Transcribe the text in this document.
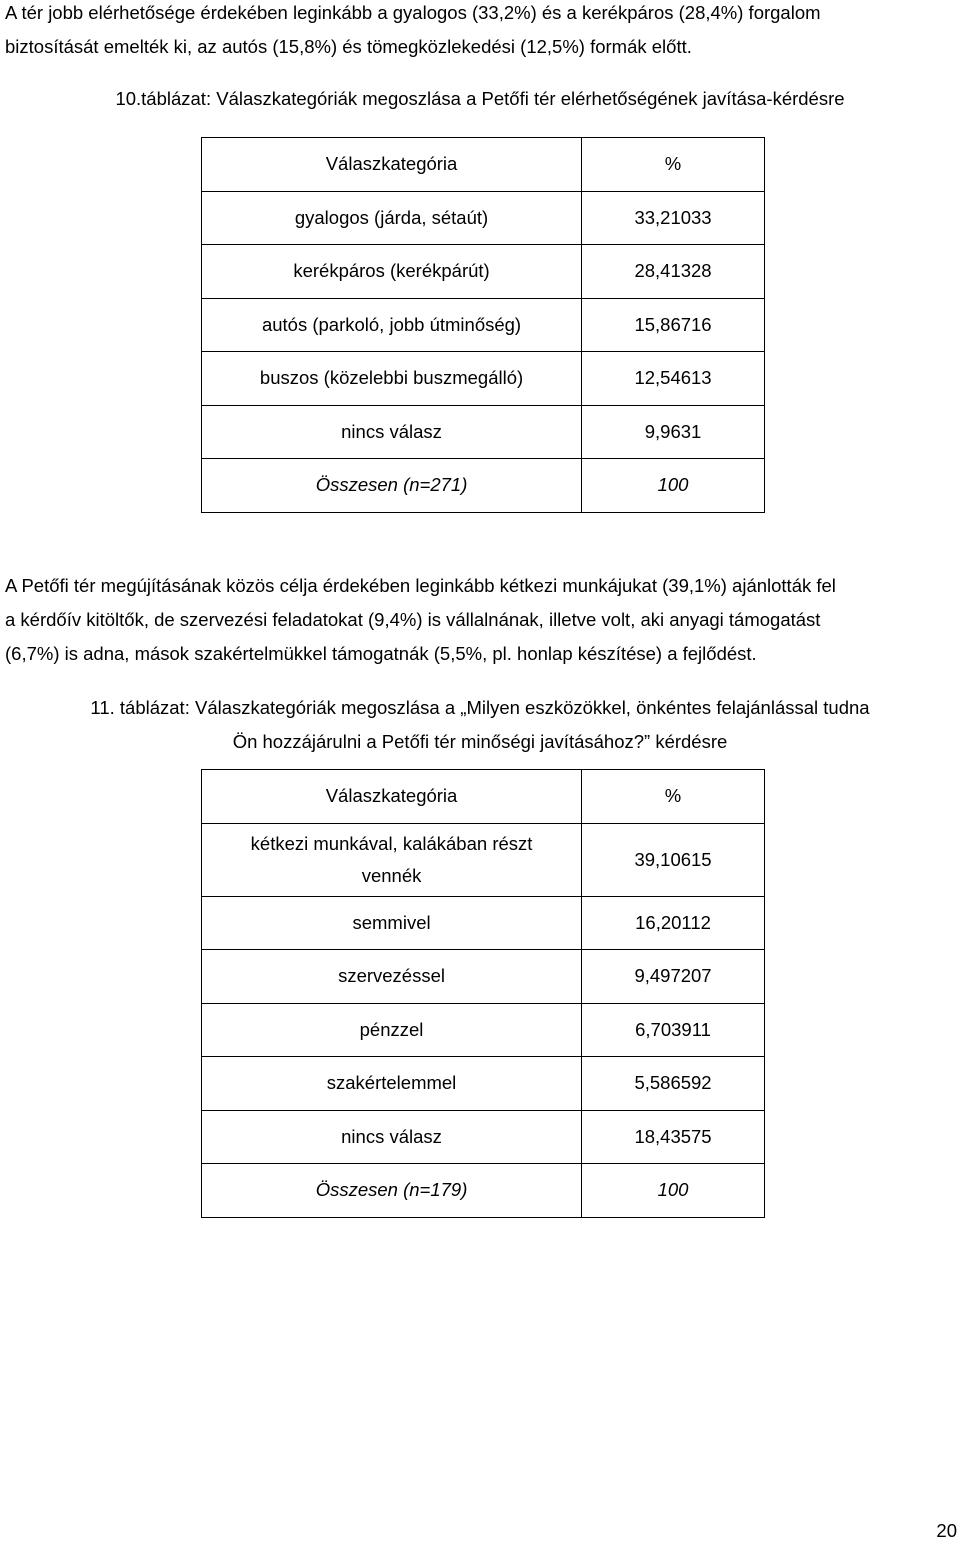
A tér jobb elérhetősége érdekében leginkább a gyalogos (33,2%) és a kerékpáros (28,4%) forgalom
biztosítását emelték ki, az autós (15,8%) és tömegközlekedési (12,5%) formák előtt.

10.táblázat: Válaszkategóriák megoszlása a Petőfi tér elérhetőségének javítása-kérdésre

Válaszkategória	%
gyalogos (járda, sétaút)	33,21033
kerékpáros (kerékpárút)	28,41328
autós (parkoló, jobb útminőség)	15,86716
buszos (közelebbi buszmegálló)	12,54613
nincs válasz	9,9631
Összesen (n=271)	100

A Petőfi tér megújításának közös célja érdekében leginkább kétkezi munkájukat (39,1%) ajánlották fel
a kérdőív kitöltők, de szervezési feladatokat (9,4%) is vállalnának, illetve volt, aki anyagi támogatást
(6,7%) is adna, mások szakértelmükkel támogatnák (5,5%, pl. honlap készítése) a fejlődést.

11. táblázat: Válaszkategóriák megoszlása a „Milyen eszközökkel, önkéntes felajánlással tudna
Ön hozzájárulni a Petőfi tér minőségi javításához?” kérdésre

Válaszkategória	%
kétkezi munkával, kalákában részt
vennék	39,10615
semmivel	16,20112
szervezéssel	9,497207
pénzzel	6,703911
szakértelemmel	5,586592
nincs válasz	18,43575
Összesen (n=179)	100
20
